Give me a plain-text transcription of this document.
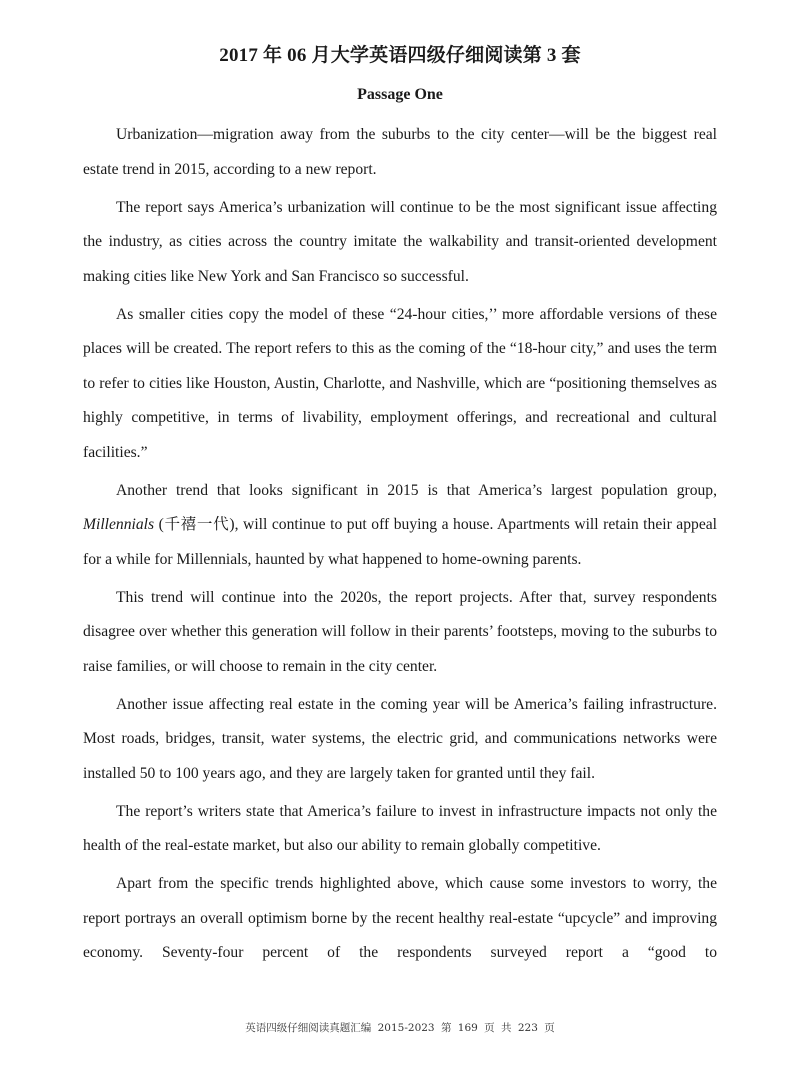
2017 年 06 月大学英语四级仔细阅读第 3 套
Passage One

Urbanization—migration away from the suburbs to the city center—will be the biggest real estate trend in 2015, according to a new report.

The report says America’s urbanization will continue to be the most significant issue affecting the industry, as cities across the country imitate the walkability and transit-oriented development making cities like New York and San Francisco so successful.

As smaller cities copy the model of these “24-hour cities,’’ more affordable versions of these places will be created. The report refers to this as the coming of the “18-hour city,” and uses the term to refer to cities like Houston, Austin, Charlotte, and Nashville, which are “positioning themselves as highly competitive, in terms of livability, employment offerings, and recreational and cultural facilities.”

Another trend that looks significant in 2015 is that America’s largest population group, Millennials (千禧一代), will continue to put off buying a house. Apartments will retain their appeal for a while for Millennials, haunted by what happened to home-owning parents.

This trend will continue into the 2020s, the report projects. After that, survey respondents disagree over whether this generation will follow in their parents’ footsteps, moving to the suburbs to raise families, or will choose to remain in the city center.

Another issue affecting real estate in the coming year will be America’s failing infrastructure. Most roads, bridges, transit, water systems, the electric grid, and communications networks were installed 50 to 100 years ago, and they are largely taken for granted until they fail.

The report’s writers state that America’s failure to invest in infrastructure impacts not only the health of the real-estate market, but also our ability to remain globally competitive.

Apart from the specific trends highlighted above, which cause some investors to worry, the report portrays an overall optimism borne by the recent healthy real-estate “upcycle” and improving economy. Seventy-four percent of the respondents surveyed report a “good to

英语四级仔细阅读真题汇编 2015-2023 第 169 页 共 223 页
